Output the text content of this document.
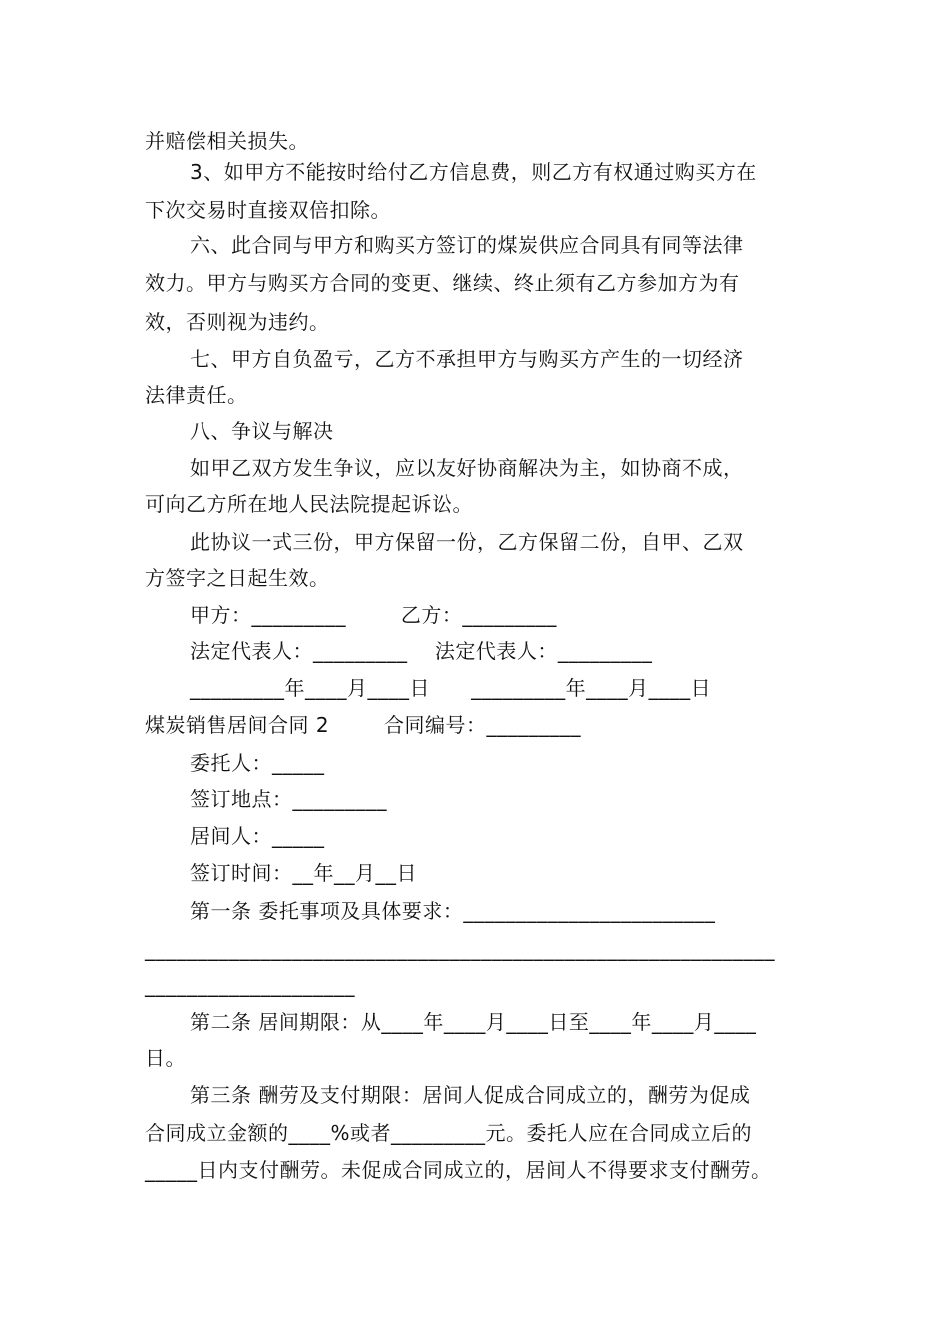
并赔偿相关损失。
3、如甲方不能按时给付乙方信息费，则乙方有权通过购买方在
下次交易时直接双倍扣除。
六、此合同与甲方和购买方签订的煤炭供应合同具有同等法律
效力。甲方与购买方合同的变更、继续、终止须有乙方参加方为有
效，否则视为违约。
七、甲方自负盈亏，乙方不承担甲方与购买方产生的一切经济
法律责任。
八、争议与解决
如甲乙双方发生争议，应以友好协商解决为主，如协商不成，
可向乙方所在地人民法院提起诉讼。
此协议一式三份，甲方保留一份，乙方保留二份，自甲、乙双
方签字之日起生效。
甲方：_________        乙方：_________
法定代表人：_________    法定代表人：_________
_________年____月____日      _________年____月____日
煤炭销售居间合同 2        合同编号：_________
委托人：_____
签订地点：_________
居间人：_____
签订时间：__年__月__日
第一条 委托事项及具体要求：________________________
____________________________________________________________
____________________
第二条 居间期限：从____年____月____日至____年____月____
日。
第三条 酬劳及支付期限：居间人促成合同成立的，酬劳为促成
合同成立金额的____%或者_________元。委托人应在合同成立后的
_____日内支付酬劳。未促成合同成立的，居间人不得要求支付酬劳。
